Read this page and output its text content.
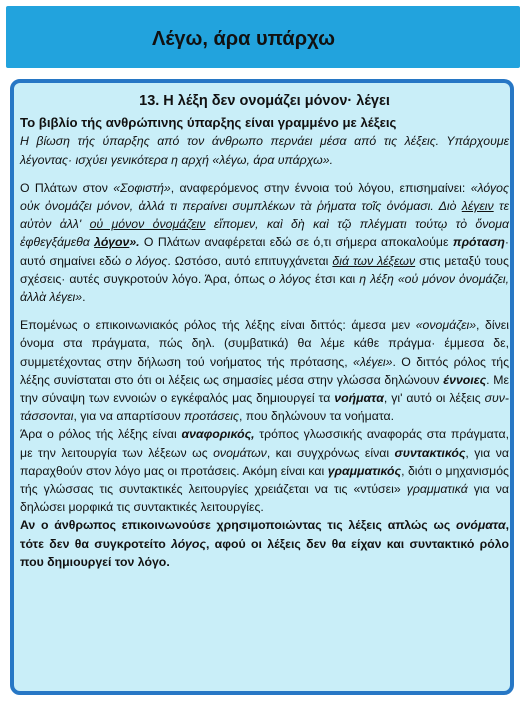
Λέγω, άρα υπάρχω
13. Η λέξη δεν ονομάζει μόνον· λέγει

Το βιβλίο τής ανθρώπινης ύπαρξης είναι γραμμένο με λέξεις

Η βίωση τής ύπαρξης από τον άνθρωπο περνάει μέσα από τις λέξεις. Υπάρχουμε λέγοντας· ισχύει γενικότερα η αρχή «λέγω, άρα υπάρχω».

Ο Πλάτων στον «Σοφιστή», αναφερόμενος στην έννοια τού λόγου, επισημαίνει: «λόγος οὐκ ὀνομάζει μόνον, ἀλλά τι περαίνει συμπλέκων τὰ ῥήματα τοῖς ὀνόμασι. Διὸ λέγειν τε αὐτὸν ἀλλ' οὐ μόνον ὀνομάζειν εἴπομεν, καὶ δὴ καὶ τῷ πλέγματι τούτῳ τὸ ὄνομα ἐφθεγξάμεθα λόγον». Ο Πλάτων αναφέρεται εδώ σε ό,τι σήμερα αποκαλούμε πρόταση· αυτό σημαίνει εδώ ο λόγος. Ωστόσο, αυτό επιτυγχάνεται διά των λέξεων στις μεταξύ τους σχέσεις· αυτές συγκροτούν λόγο. Άρα, όπως ο λόγος έτσι και η λέξη «οὐ μόνον ὀνομάζει, ἀλλὰ λέγει».

Επομένως ο επικοινωνιακός ρόλος τής λέξης είναι διττός: άμεσα μεν «ονομάζει», δίνει όνομα στα πράγματα, πώς δηλ. (συμβατικά) θα λέμε κάθε πράγμα· έμμεσα δε, συμμετέχοντας στην δήλωση τού νοήματος τής πρότασης, «λέγει». Ο διττός ρόλος τής λέξης συνίσταται στο ότι οι λέξεις ως σημασίες μέσα στην γλώσσα δηλώνουν έννοιες. Με την σύναψη των εννοιών ο εγκέφαλός μας δημιουργεί τα νοήματα, γι' αυτό οι λέξεις συν-τάσσονται, για να απαρτίσουν προτάσεις, που δηλώνουν τα νοήματα.

Άρα ο ρόλος τής λέξης είναι αναφορικός, τρόπος γλωσσικής αναφοράς στα πράγματα, με την λειτουργία των λέξεων ως ονομάτων, και συγχρόνως είναι συντακτικός, για να παραχθούν στον λόγο μας οι προτάσεις. Ακόμη είναι και γραμματικός, διότι ο μηχανισμός τής γλώσσας τις συντακτικές λειτουργίες χρειάζεται να τις «ντύσει» γραμματικά για να δηλώσει μορφικά τις συντακτικές λειτουργίες.

Αν ο άνθρωπος επικοινωνούσε χρησιμοποιώντας τις λέξεις απλώς ως ονόματα, τότε δεν θα συγκροτείτο λόγος, αφού οι λέξεις δεν θα είχαν και συντακτικό ρόλο που δημιουργεί τον λόγο.
